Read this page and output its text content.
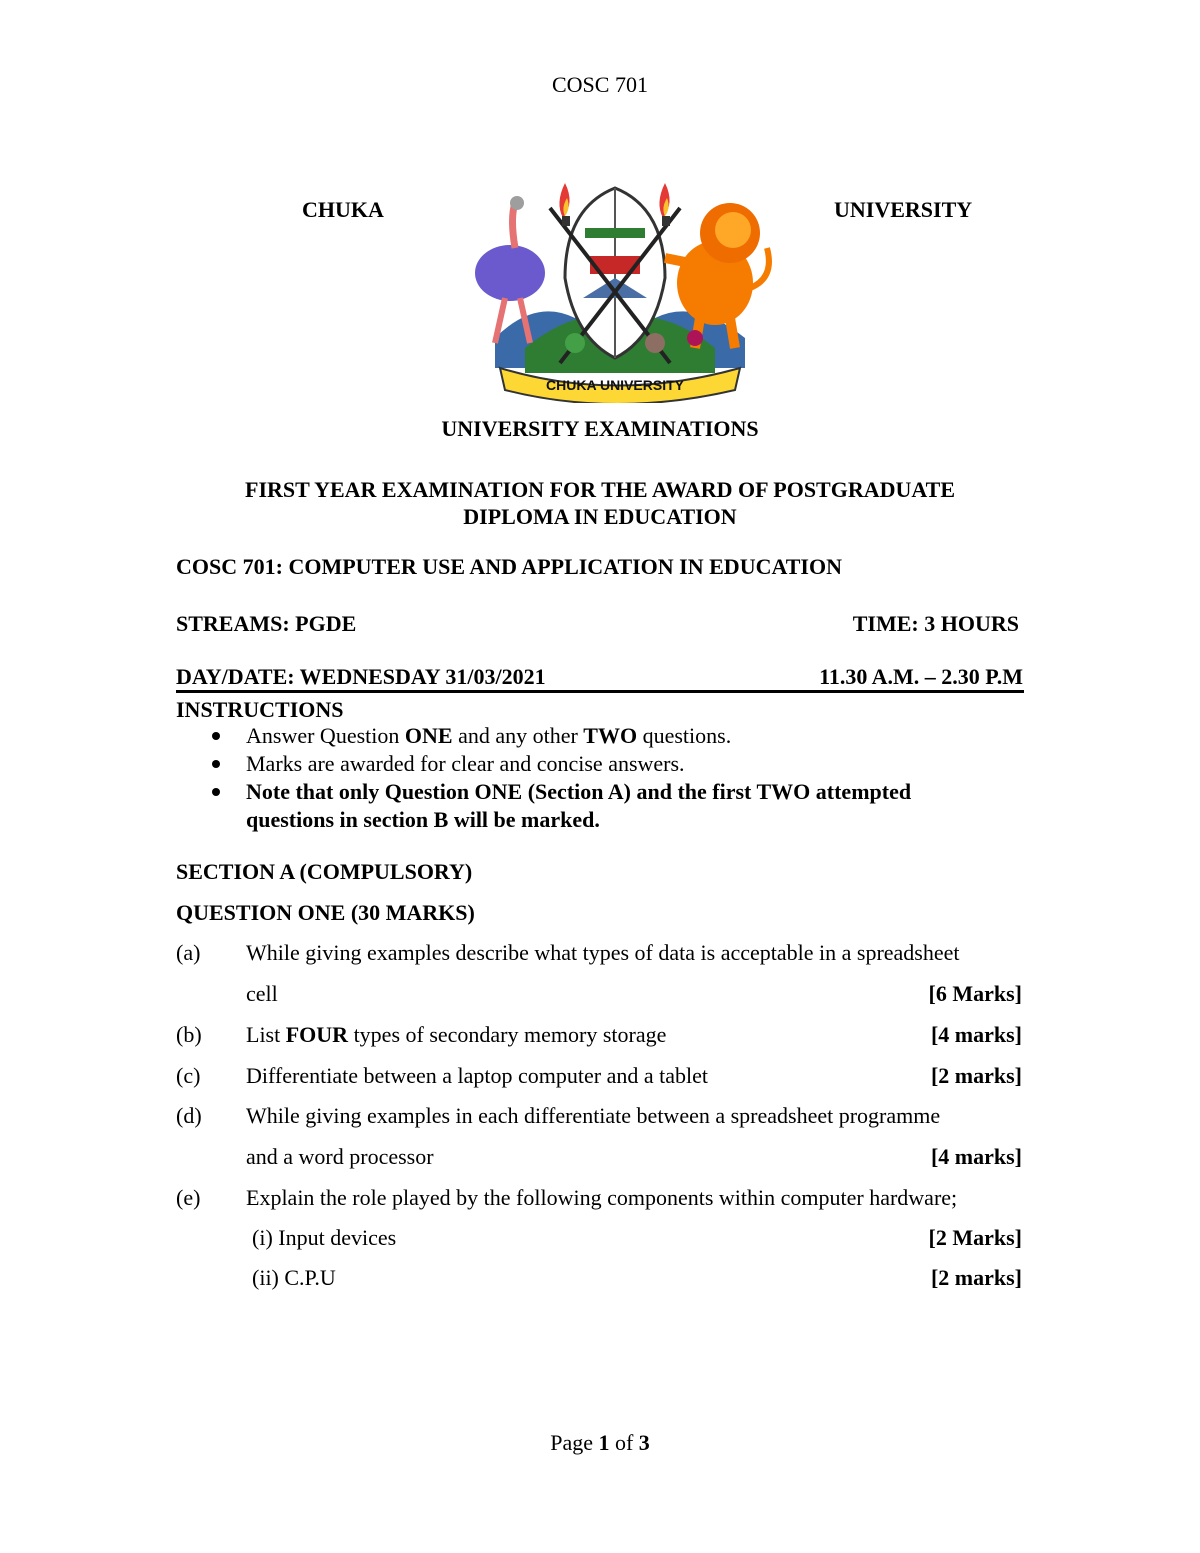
COSC 701
CHUKA	UNIVERSITY
CHUKA UNIVERSITY
UNIVERSITY EXAMINATIONS
FIRST YEAR EXAMINATION FOR THE AWARD OF POSTGRADUATE
DIPLOMA IN EDUCATION
COSC 701: COMPUTER USE AND APPLICATION IN EDUCATION
STREAMS: PGDE	TIME: 3 HOURS
DAY/DATE: WEDNESDAY 31/03/2021	11.30 A.M. – 2.30 P.M
INSTRUCTIONS
Answer Question ONE and any other TWO questions.
Marks are awarded for clear and concise answers.
Note that only Question ONE (Section A) and the first TWO attempted
questions in section B will be marked.
SECTION A (COMPULSORY)
QUESTION ONE (30 MARKS)
(a) While giving examples describe what types of data is acceptable in a spreadsheet
cell	[6 Marks]
(b) List FOUR types of secondary memory storage	[4 marks]
(c) Differentiate between a laptop computer and a tablet	[2 marks]
(d) While giving examples in each differentiate between a spreadsheet programme
and a word processor	[4 marks]
(e) Explain the role played by the following components within computer hardware;
(i) Input devices	[2 Marks]
(ii) C.P.U	[2 marks]
Page 1 of 3
